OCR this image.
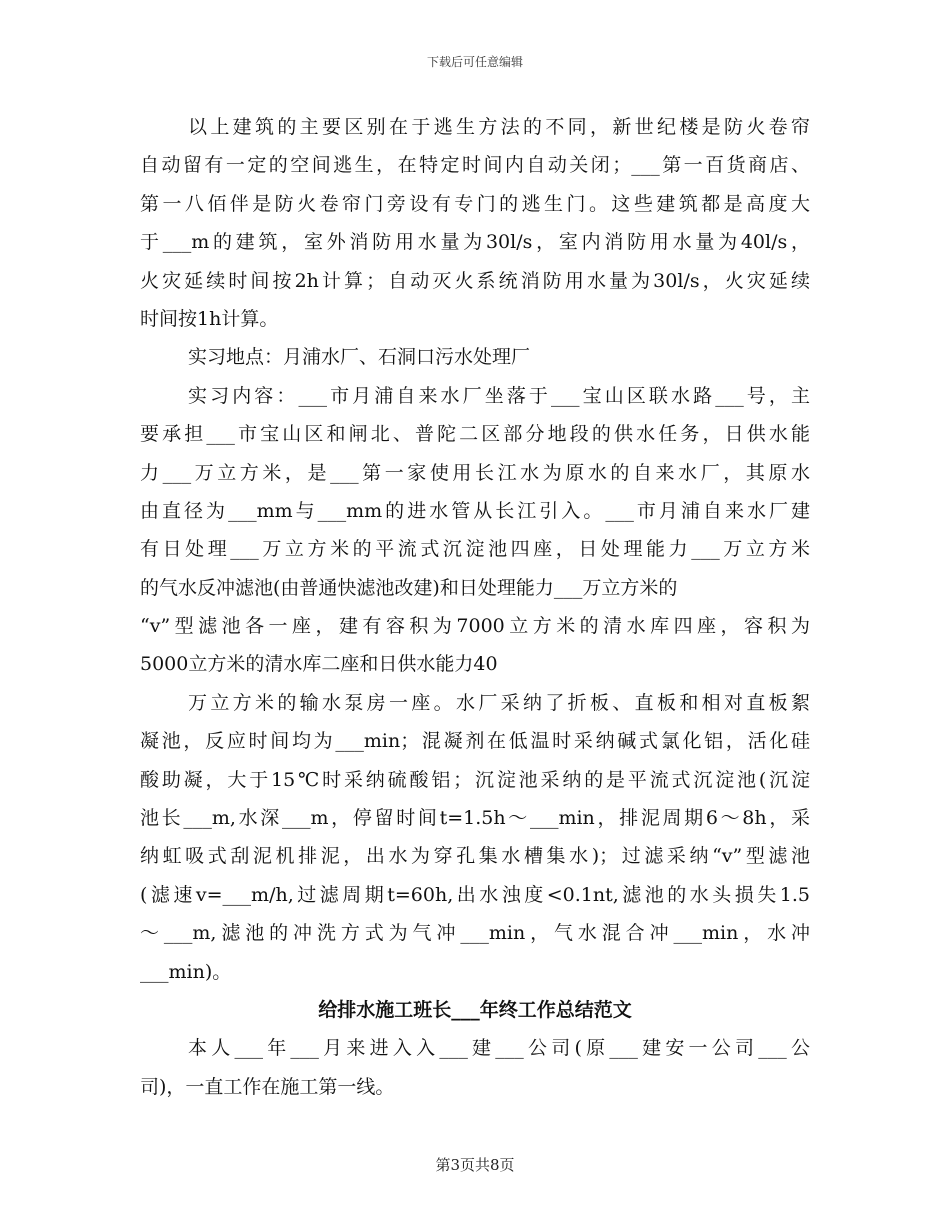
下载后可任意编辑
以上建筑的主要区别在于逃生方法的不同，新世纪楼是防火卷帘
自动留有一定的空间逃生，在特定时间内自动关闭；___第一百货商店、
第一八佰伴是防火卷帘门旁设有专门的逃生门。这些建筑都是高度大
于___m的建筑，室外消防用水量为30l/s，室内消防用水量为40l/s，
火灾延续时间按2h计算；自动灭火系统消防用水量为30l/s，火灾延续
时间按1h计算。
实习地点：月浦水厂、石洞口污水处理厂
实习内容：___市月浦自来水厂坐落于___宝山区联水路___号，主
要承担___市宝山区和闸北、普陀二区部分地段的供水任务，日供水能
力___万立方米，是___第一家使用长江水为原水的自来水厂，其原水
由直径为___mm与___mm的进水管从长江引入。___市月浦自来水厂建
有日处理___万立方米的平流式沉淀池四座，日处理能力___万立方米
的气水反冲滤池(由普通快滤池改建)和日处理能力___万立方米的
“v”型滤池各一座，建有容积为7000立方米的清水库四座，容积为
5000立方米的清水库二座和日供水能力40
万立方米的输水泵房一座。水厂采纳了折板、直板和相对直板絮
凝池，反应时间均为___min；混凝剂在低温时采纳碱式氯化铝，活化硅
酸助凝，大于15℃时采纳硫酸铝；沉淀池采纳的是平流式沉淀池(沉淀
池长___m,水深___m，停留时间t=1.5h～___min，排泥周期6～8h，采
纳虹吸式刮泥机排泥，出水为穿孔集水槽集水)；过滤采纳“v”型滤池
(滤速v=___m/h,过滤周期t=60h,出水浊度<0.1nt,滤池的水头损失1.5
～___m,滤池的冲洗方式为气冲___min，气水混合冲___min，水冲
___min)。
给排水施工班长___年终工作总结范文
本人___年___月来进入入___建___公司(原___建安一公司___公
司)，一直工作在施工第一线。
第3页共8页
